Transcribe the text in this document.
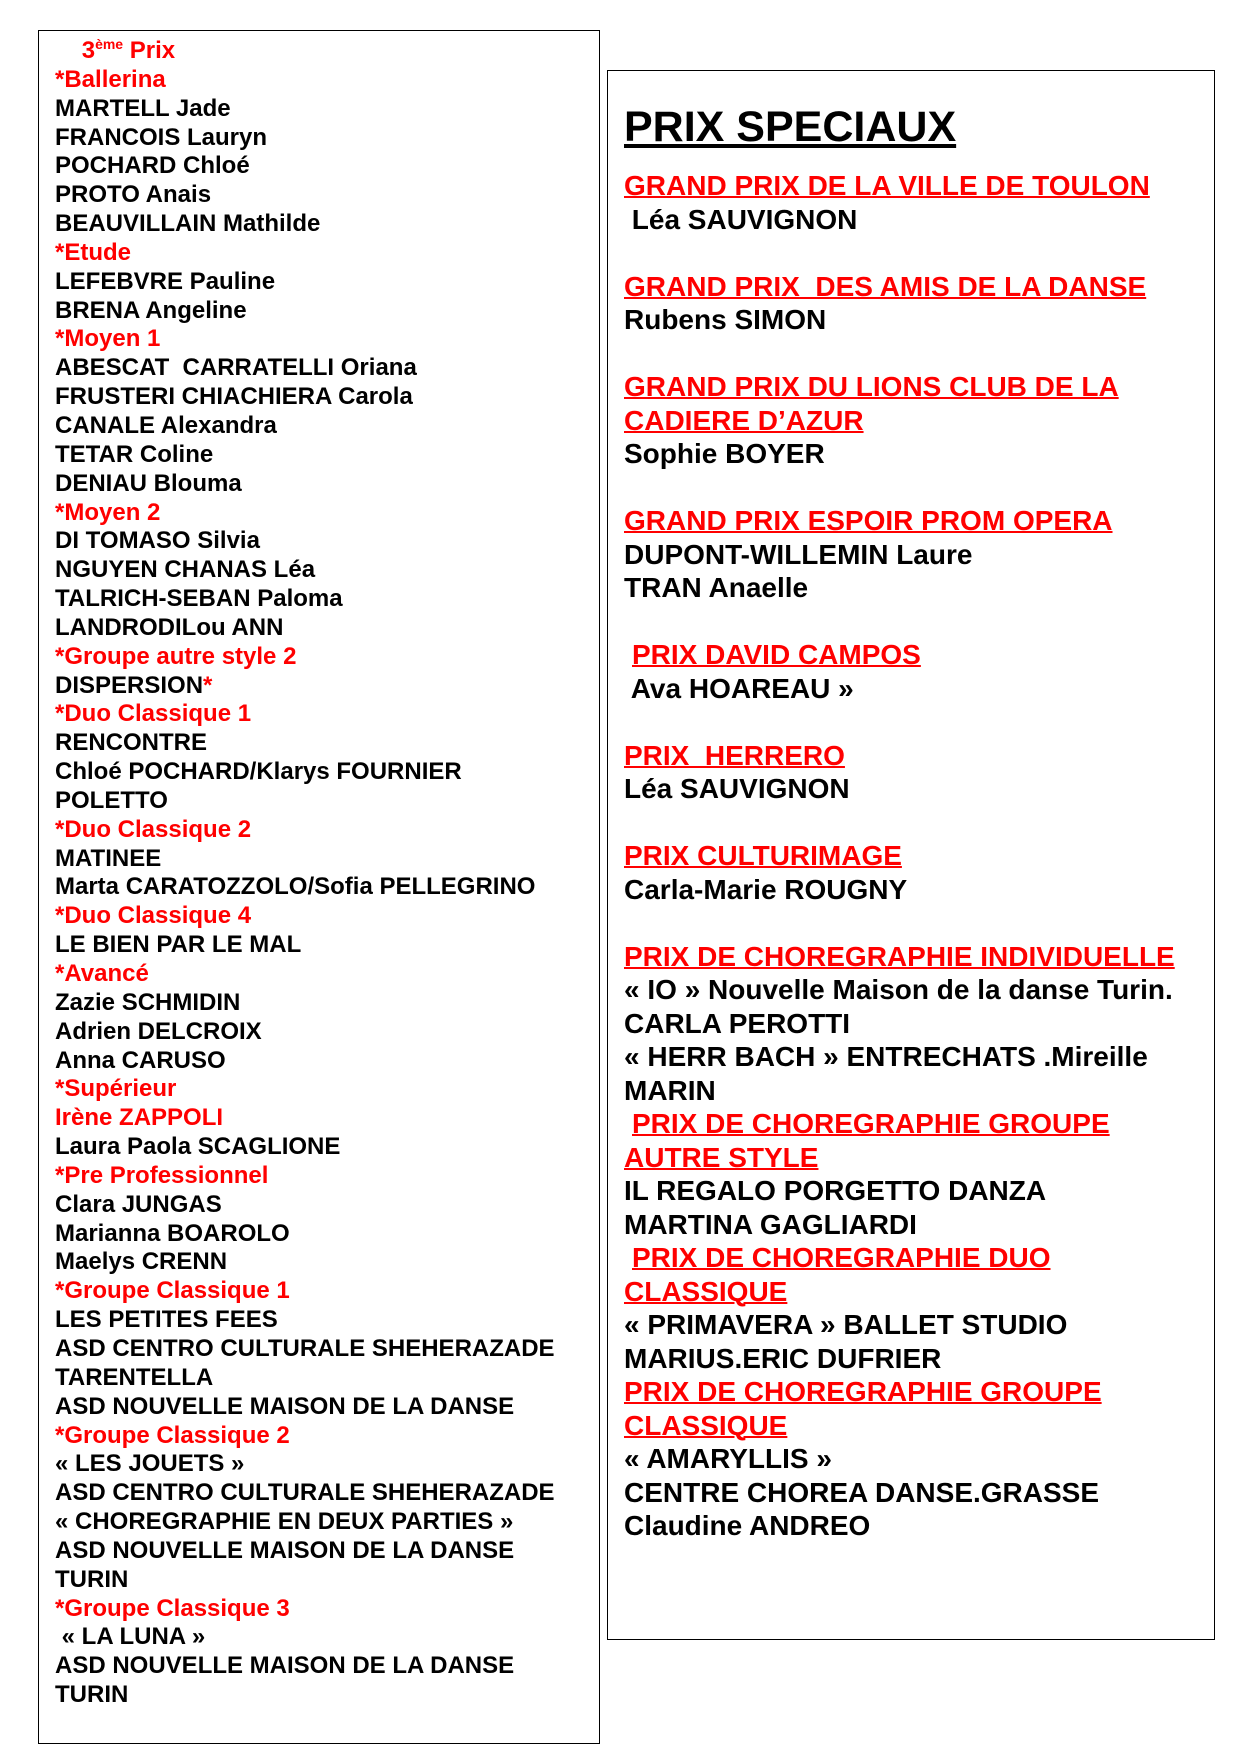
  3ème Prix
*Ballerina
MARTELL Jade
FRANCOIS Lauryn
POCHARD Chloé
PROTO Anais
BEAUVILLAIN Mathilde
*Etude
LEFEBVRE Pauline
BRENA Angeline
*Moyen 1
ABESCAT  CARRATELLI Oriana
FRUSTERI CHIACHIERA Carola
CANALE Alexandra
TETAR Coline
DENIAU Blouma
*Moyen 2
DI TOMASO Silvia
NGUYEN CHANAS Léa
TALRICH-SEBAN Paloma
LANDRODILou ANN
*Groupe autre style 2
DISPERSION*
*Duo Classique 1
RENCONTRE
Chloé POCHARD/Klarys FOURNIER
POLETTO
*Duo Classique 2
MATINEE
Marta CARATOZZOLO/Sofia PELLEGRINO
*Duo Classique 4
LE BIEN PAR LE MAL
*Avancé
Zazie SCHMIDIN
Adrien DELCROIX
Anna CARUSO
*Supérieur
Irène ZAPPOLI
Laura Paola SCAGLIONE
*Pre Professionnel
Clara JUNGAS
Marianna BOAROLO
Maelys CRENN
*Groupe Classique 1
LES PETITES FEES
ASD CENTRO CULTURALE SHEHERAZADE
TARENTELLA
ASD NOUVELLE MAISON DE LA DANSE
*Groupe Classique 2
« LES JOUETS »
ASD CENTRO CULTURALE SHEHERAZADE
« CHOREGRAPHIE EN DEUX PARTIES »
ASD NOUVELLE MAISON DE LA DANSE
TURIN
*Groupe Classique 3
« LA LUNA »
ASD NOUVELLE MAISON DE LA DANSE
TURIN
PRIX SPECIAUX
GRAND PRIX DE LA VILLE DE TOULON
Léa SAUVIGNON
GRAND PRIX  DES AMIS DE LA DANSE
Rubens SIMON
GRAND PRIX DU LIONS CLUB DE LA
CADIERE D’AZUR
Sophie BOYER
GRAND PRIX ESPOIR PROM OPERA
DUPONT-WILLEMIN Laure
TRAN Anaelle
PRIX DAVID CAMPOS
Ava HOAREAU »
PRIX  HERRERO
Léa SAUVIGNON
PRIX CULTURIMAGE
Carla-Marie ROUGNY
PRIX DE CHOREGRAPHIE INDIVIDUELLE
« IO » Nouvelle Maison de la danse Turin.
CARLA PEROTTI
« HERR BACH » ENTRECHATS .Mireille
MARIN
PRIX DE CHOREGRAPHIE GROUPE
AUTRE STYLE
IL REGALO PORGETTO DANZA
MARTINA GAGLIARDI
PRIX DE CHOREGRAPHIE DUO
CLASSIQUE
« PRIMAVERA » BALLET STUDIO
MARIUS.ERIC DUFRIER
PRIX DE CHOREGRAPHIE GROUPE
CLASSIQUE
« AMARYLLIS »
CENTRE CHOREA DANSE.GRASSE
Claudine ANDREO
